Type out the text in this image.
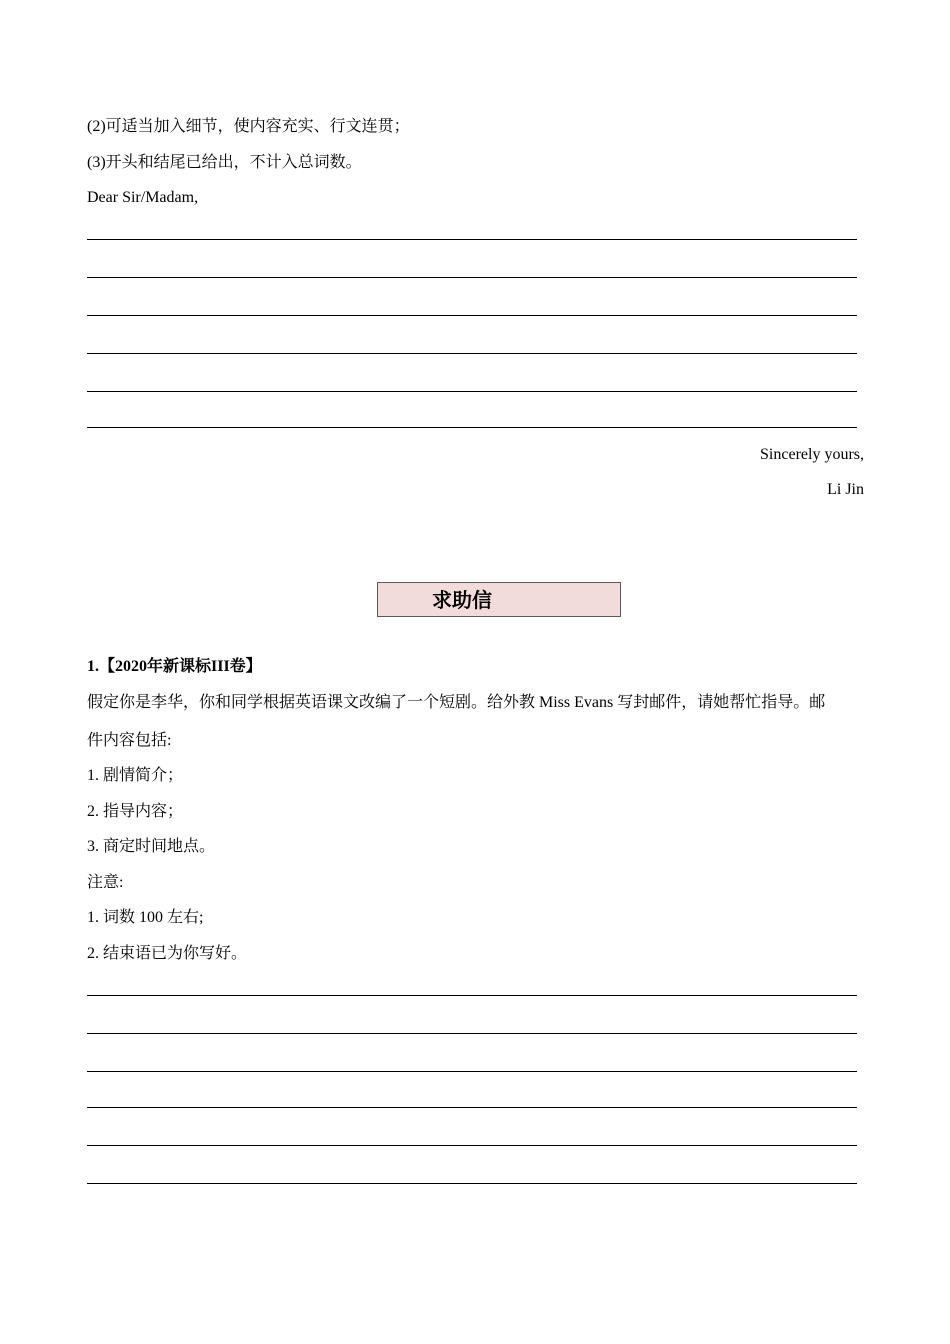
(2)可适当加入细节，使内容充实、行文连贯；
(3)开头和结尾已给出，不计入总词数。
Dear Sir/Madam,
Sincerely yours,
Li Jin
求助信
1.【2020年新课标III卷】
假定你是李华，你和同学根据英语课文改编了一个短剧。给外教 Miss Evans 写封邮件，请她帮忙指导。邮
件内容包括:
1. 剧情简介；
2. 指导内容；
3. 商定时间地点。
注意:
1. 词数 100 左右;
2. 结束语已为你写好。
